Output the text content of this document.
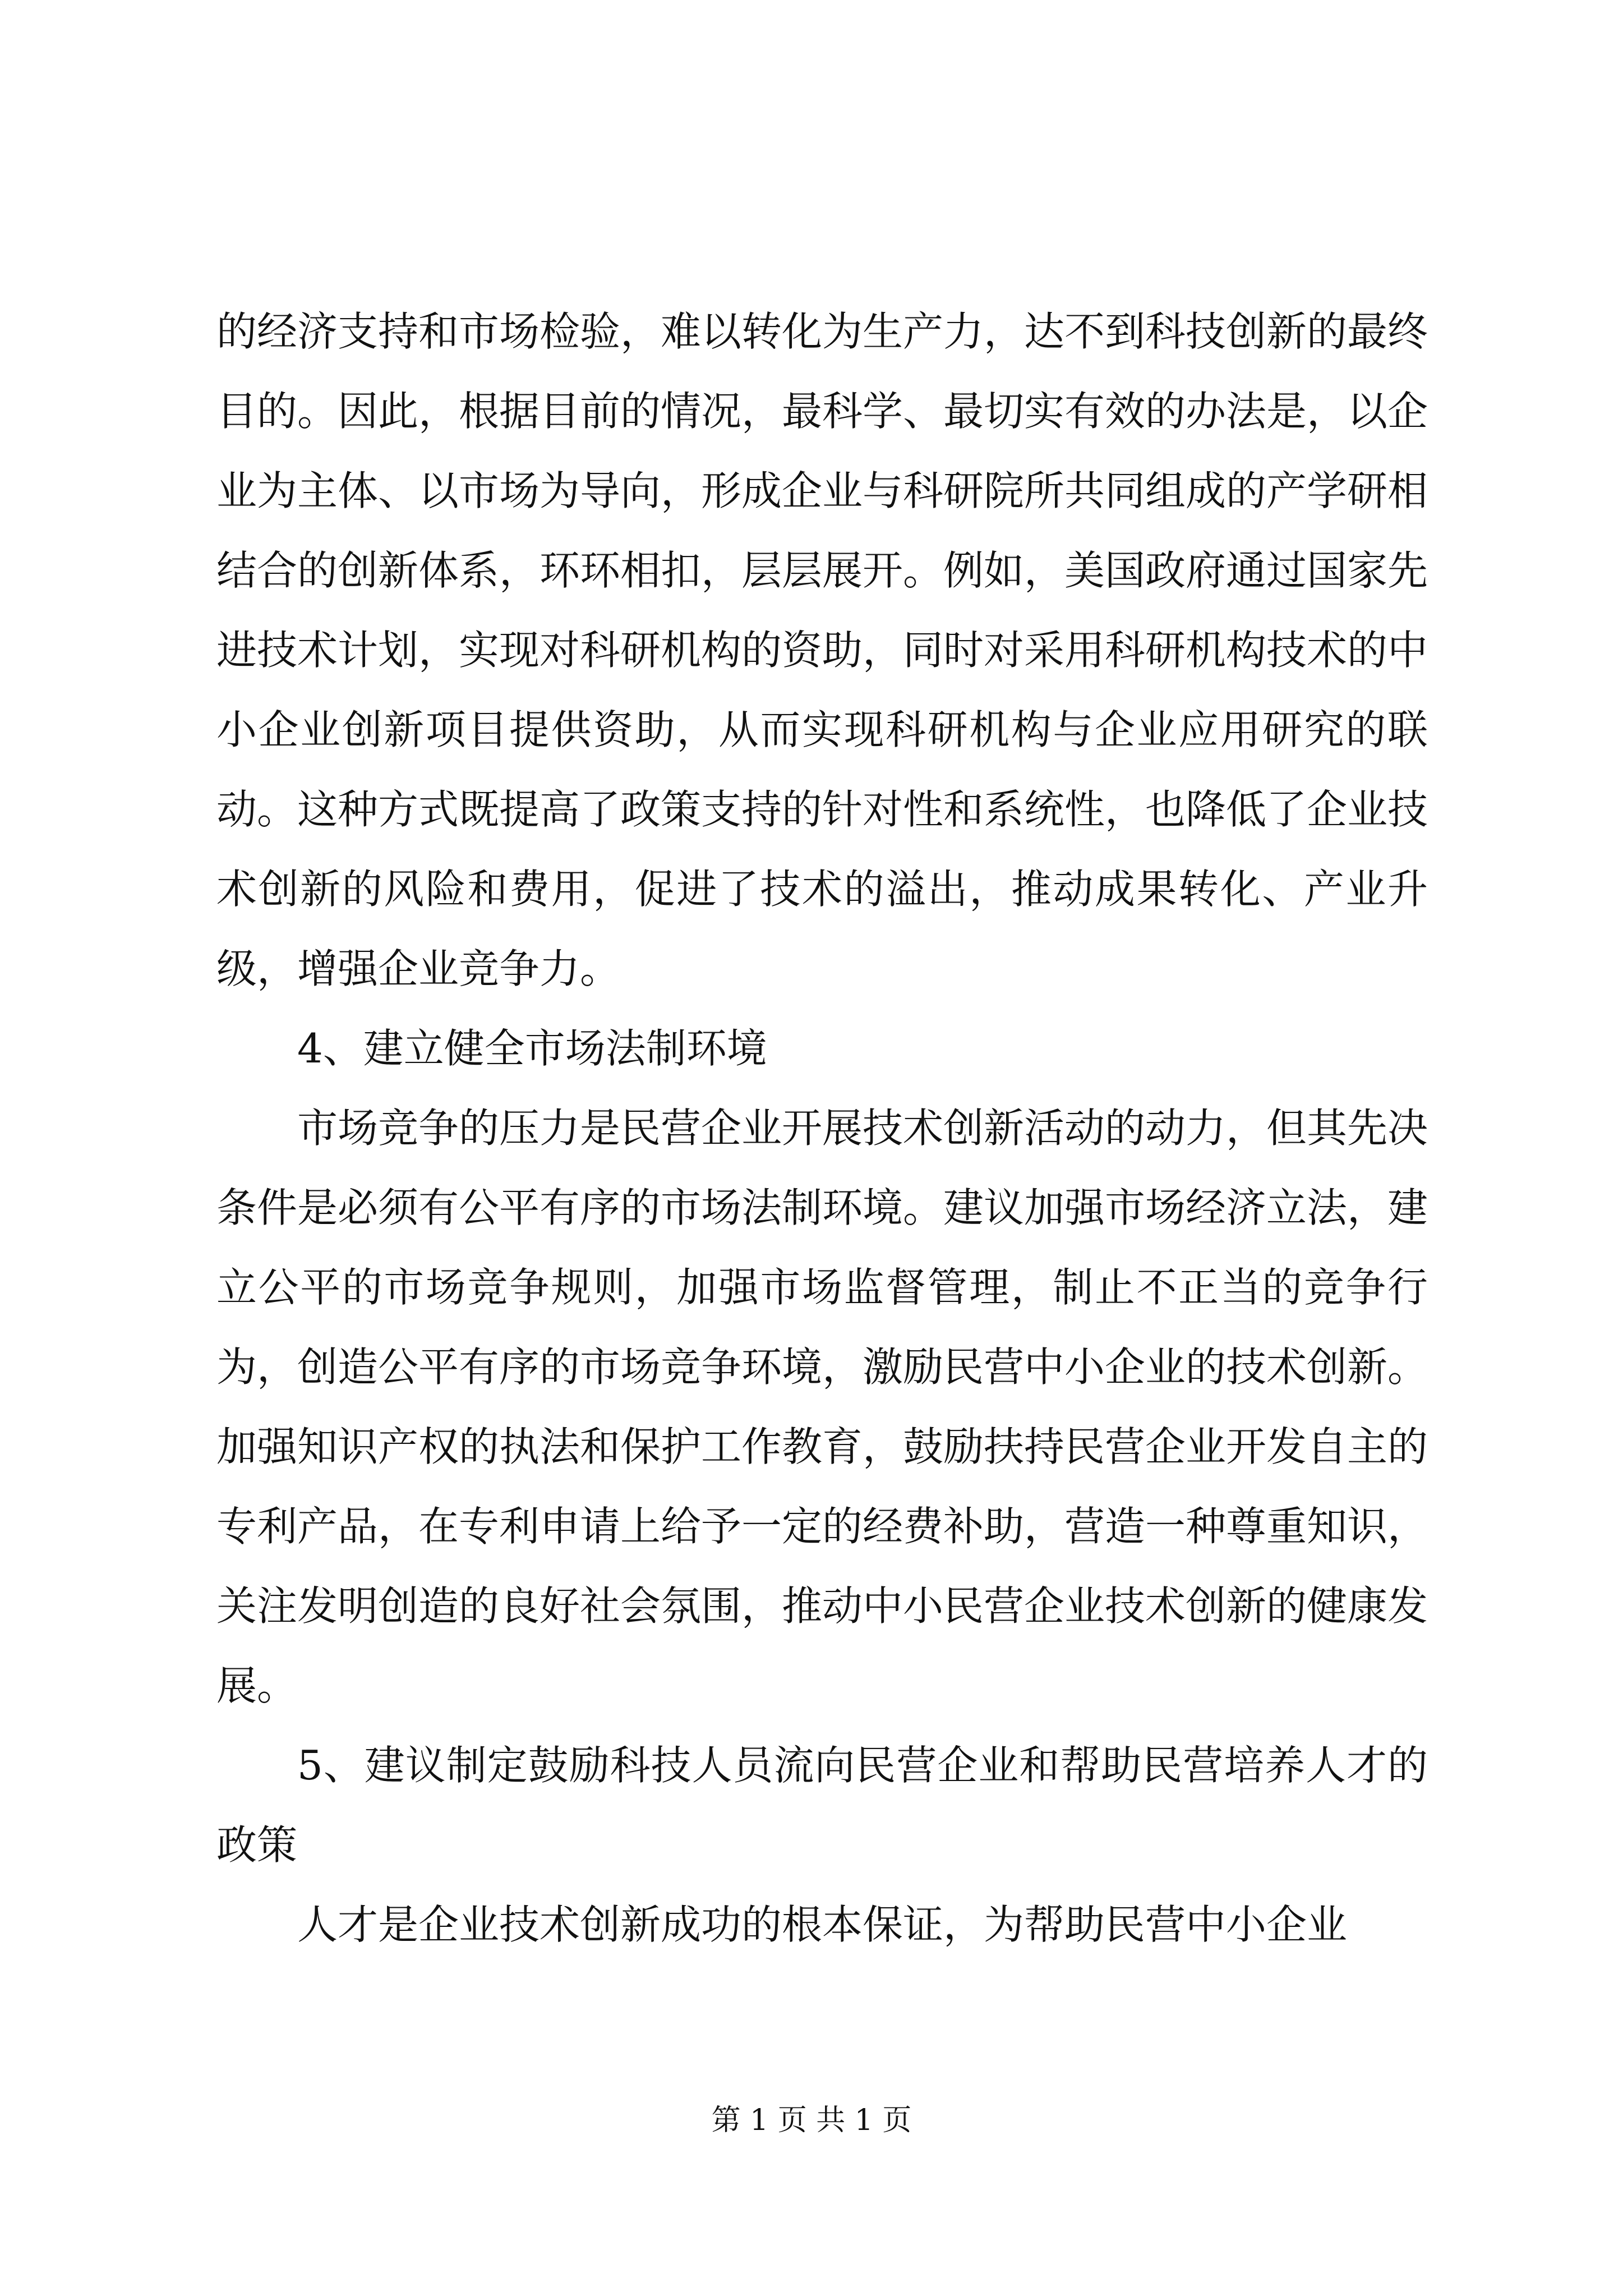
的经济支持和市场检验，难以转化为生产力，达不到科技创新的最终目的。因此，根据目前的情况，最科学、最切实有效的办法是，以企业为主体、以市场为导向，形成企业与科研院所共同组成的产学研相结合的创新体系，环环相扣，层层展开。例如，美国政府通过国家先进技术计划，实现对科研机构的资助，同时对采用科研机构技术的中小企业创新项目提供资助，从而实现科研机构与企业应用研究的联动。这种方式既提高了政策支持的针对性和系统性，也降低了企业技术创新的风险和费用，促进了技术的溢出，推动成果转化、产业升级，增强企业竞争力。

4、建立健全市场法制环境

市场竞争的压力是民营企业开展技术创新活动的动力，但其先决条件是必须有公平有序的市场法制环境。建议加强市场经济立法，建立公平的市场竞争规则，加强市场监督管理，制止不正当的竞争行为，创造公平有序的市场竞争环境，激励民营中小企业的技术创新。加强知识产权的执法和保护工作教育，鼓励扶持民营企业开发自主的专利产品，在专利申请上给予一定的经费补助，营造一种尊重知识，关注发明创造的良好社会氛围，推动中小民营企业技术创新的健康发展。

5、建议制定鼓励科技人员流向民营企业和帮助民营培养人才的政策

人才是企业技术创新成功的根本保证，为帮助民营中小企业

第 1 页 共 1 页
